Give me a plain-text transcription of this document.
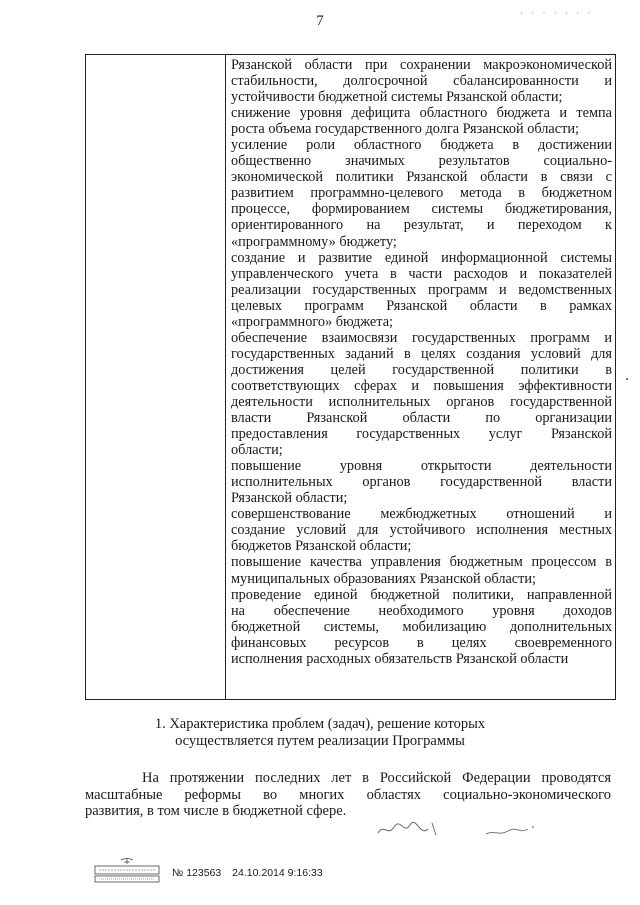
· · · · · · ·
7
Рязанской области при сохранении макроэкономической
стабильности, долгосрочной сбалансированности и
устойчивости бюджетной системы Рязанской области;
снижение уровня дефицита областного бюджета и темпа
роста объема государственного долга Рязанской области;
усиление роли областного бюджета в достижении
общественно значимых результатов социально-
экономической политики Рязанской области в связи с
развитием программно-целевого метода в бюджетном
процессе, формированием системы бюджетирования,
ориентированного на результат, и переходом к
«программному» бюджету;
создание и развитие единой информационной системы
управленческого учета в части расходов и показателей
реализации государственных программ и ведомственных
целевых программ Рязанской области в рамках
«программного» бюджета;
обеспечение взаимосвязи государственных программ и
государственных заданий в целях создания условий для
достижения целей государственной политики в
соответствующих сферах и повышения эффективности
деятельности исполнительных органов государственной
власти Рязанской области по организации
предоставления государственных услуг Рязанской
области;
повышение уровня открытости деятельности
исполнительных органов государственной власти
Рязанской области;
совершенствование межбюджетных отношений и
создание условий для устойчивого исполнения местных
бюджетов Рязанской области;
повышение качества управления бюджетным процессом в
муниципальных образованиях Рязанской области;
проведение единой бюджетной политики, направленной
на обеспечение необходимого уровня доходов
бюджетной системы, мобилизацию дополнительных
финансовых ресурсов в целях своевременного
исполнения расходных обязательств Рязанской области
1. Характеристика проблем (задач), решение которых
осуществляется путем реализации Программы
На протяжении последних лет в Российской Федерации проводятся
масштабные реформы во многих областях социально-экономического
развития, в том числе в бюджетной сфере.
№ 123563 24.10.2014 9:16:33
